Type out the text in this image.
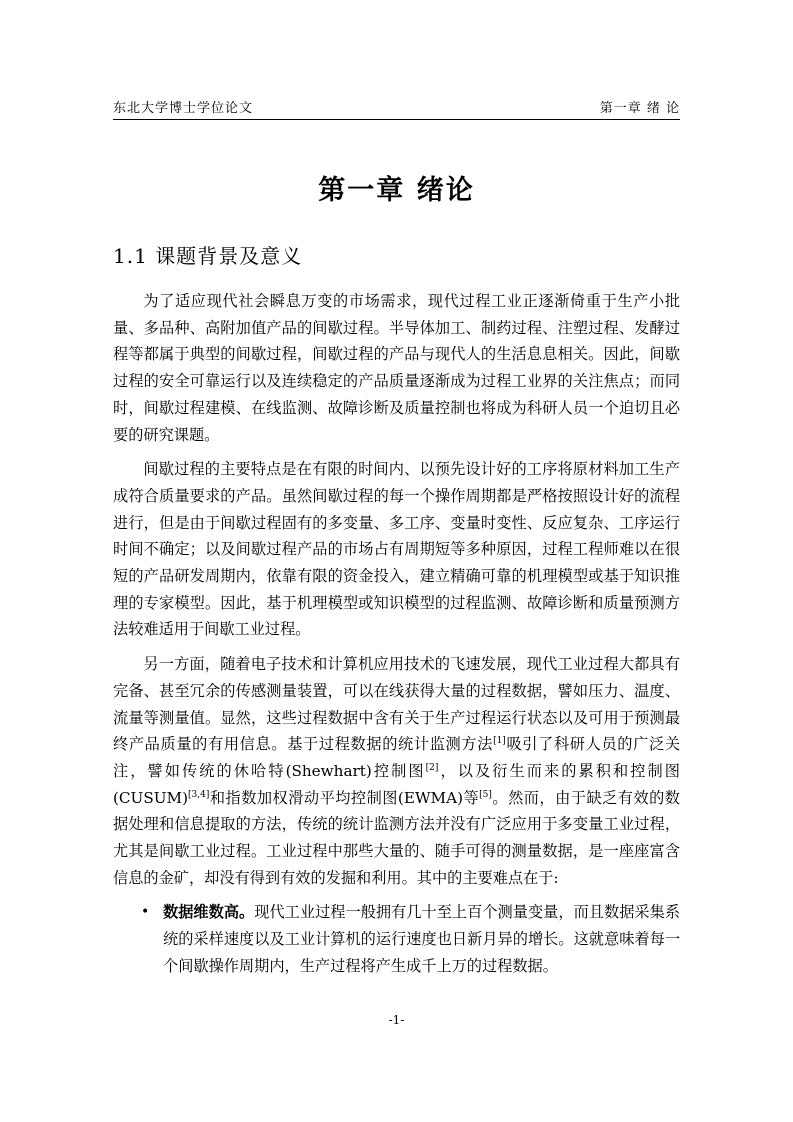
东北大学博士学位论文	第一章 绪 论
第一章 绪论
1.1 课题背景及意义

为了适应现代社会瞬息万变的市场需求，现代过程工业正逐渐倚重于生产小批量、多品种、高附加值产品的间歇过程。半导体加工、制药过程、注塑过程、发酵过程等都属于典型的间歇过程，间歇过程的产品与现代人的生活息息相关。因此，间歇过程的安全可靠运行以及连续稳定的产品质量逐渐成为过程工业界的关注焦点；而同时，间歇过程建模、在线监测、故障诊断及质量控制也将成为科研人员一个迫切且必要的研究课题。

间歇过程的主要特点是在有限的时间内、以预先设计好的工序将原材料加工生产成符合质量要求的产品。虽然间歇过程的每一个操作周期都是严格按照设计好的流程进行，但是由于间歇过程固有的多变量、多工序、变量时变性、反应复杂、工序运行时间不确定；以及间歇过程产品的市场占有周期短等多种原因，过程工程师难以在很短的产品研发周期内，依靠有限的资金投入，建立精确可靠的机理模型或基于知识推理的专家模型。因此，基于机理模型或知识模型的过程监测、故障诊断和质量预测方法较难适用于间歇工业过程。

另一方面，随着电子技术和计算机应用技术的飞速发展，现代工业过程大都具有完备、甚至冗余的传感测量装置，可以在线获得大量的过程数据，譬如压力、温度、流量等测量值。显然，这些过程数据中含有关于生产过程运行状态以及可用于预测最终产品质量的有用信息。基于过程数据的统计监测方法[1]吸引了科研人员的广泛关注，譬如传统的休哈特(Shewhart)控制图[2]，以及衍生而来的累积和控制图(CUSUM)[3,4]和指数加权滑动平均控制图(EWMA)等[5]。然而，由于缺乏有效的数据处理和信息提取的方法，传统的统计监测方法并没有广泛应用于多变量工业过程，尤其是间歇工业过程。工业过程中那些大量的、随手可得的测量数据，是一座座富含信息的金矿，却没有得到有效的发掘和利用。其中的主要难点在于:

• 数据维数高。现代工业过程一般拥有几十至上百个测量变量，而且数据采集系统的采样速度以及工业计算机的运行速度也日新月异的增长。这就意味着每一个间歇操作周期内，生产过程将产生成千上万的过程数据。
-1-
